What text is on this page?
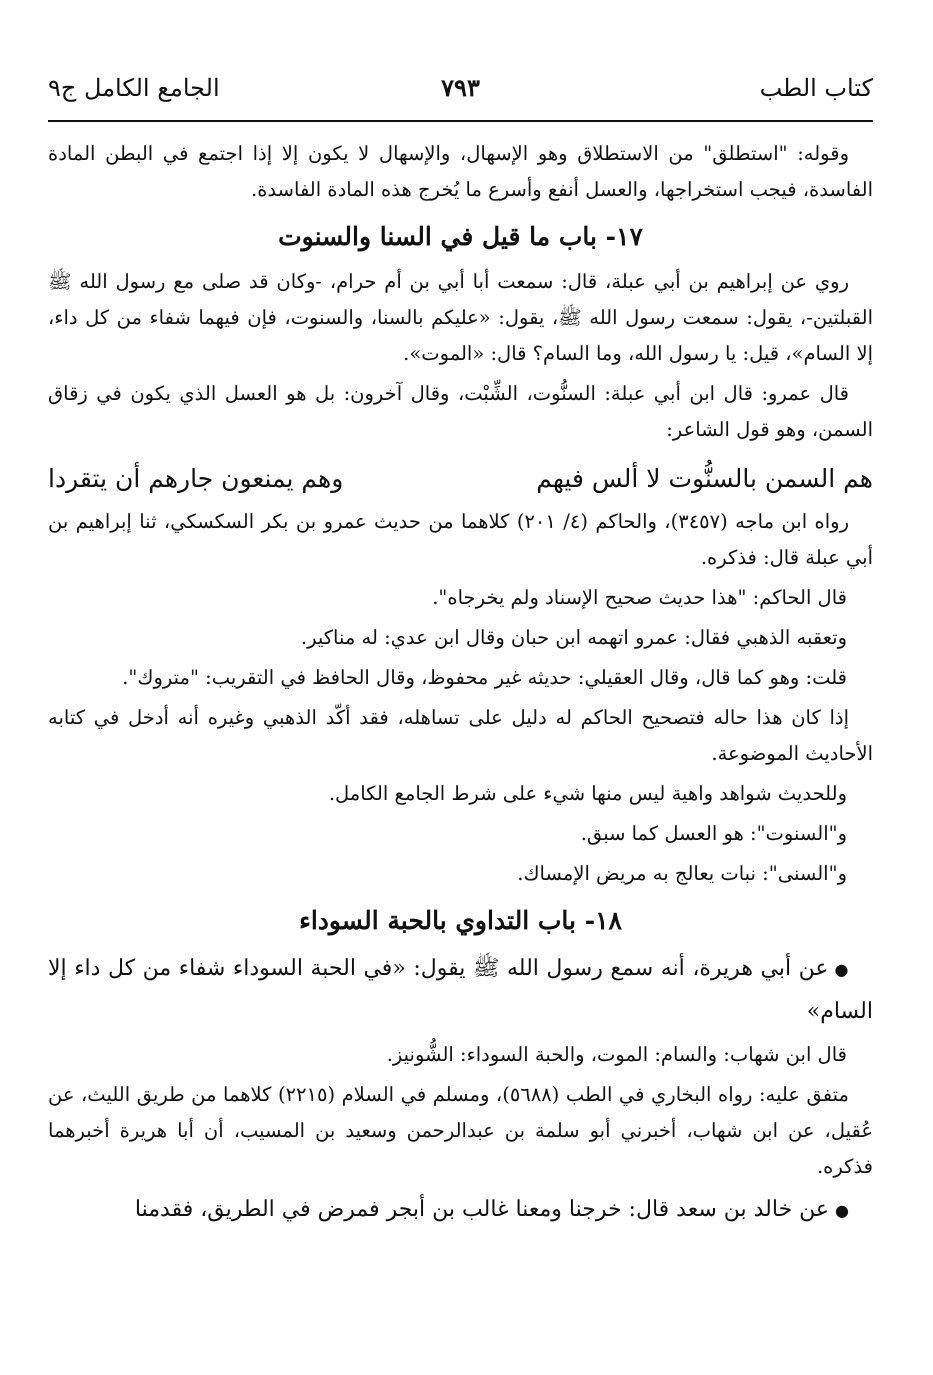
الجامع الكامل ج٩	٧٩٣	كتاب الطب

وقوله: "استطلق" من الاستطلاق وهو الإسهال، والإسهال لا يكون إلا إذا اجتمع في البطن المادة الفاسدة، فيجب استخراجها، والعسل أنفع وأسرع ما يُخرج هذه المادة الفاسدة.

١٧- باب ما قيل في السنا والسنوت

روي عن إبراهيم بن أبي عبلة، قال: سمعت أبا أبي بن أم حرام، -وكان قد صلى مع رسول الله ﷺ القبلتين-، يقول: سمعت رسول الله ﷺ، يقول: «عليكم بالسنا، والسنوت، فإن فيهما شفاء من كل داء، إلا السام»، قيل: يا رسول الله، وما السام؟ قال: «الموت».

قال عمرو: قال ابن أبي عبلة: السنُّوت، الشِّبْت، وقال آخرون: بل هو العسل الذي يكون في زقاق السمن، وهو قول الشاعر:

هم السمن بالسنُّوت لا ألس فيهم
وهم يمنعون جارهم أن يتقردا

رواه ابن ماجه (٣٤٥٧)، والحاكم (٤/ ٢٠١) كلاهما من حديث عمرو بن بكر السكسكي، ثنا إبراهيم بن أبي عبلة قال: فذكره.

قال الحاكم: "هذا حديث صحيح الإسناد ولم يخرجاه".

وتعقبه الذهبي فقال: عمرو اتهمه ابن حبان وقال ابن عدي: له مناكير.

قلت: وهو كما قال، وقال العقيلي: حديثه غير محفوظ، وقال الحافظ في التقريب: "متروك".

إذا كان هذا حاله فتصحيح الحاكم له دليل على تساهله، فقد أكّد الذهبي وغيره أنه أدخل في كتابه الأحاديث الموضوعة.

وللحديث شواهد واهية ليس منها شيء على شرط الجامع الكامل.

و"السنوت": هو العسل كما سبق.

و"السنى": نبات يعالج به مريض الإمساك.

١٨- باب التداوي بالحبة السوداء

●عن أبي هريرة، أنه سمع رسول الله ﷺ يقول: «في الحبة السوداء شفاء من كل داء إلا السام»

قال ابن شهاب: والسام: الموت، والحبة السوداء: الشُّونيز.

متفق عليه: رواه البخاري في الطب (٥٦٨٨)، ومسلم في السلام (٢٢١٥) كلاهما من طريق الليث، عن عُقيل، عن ابن شهاب، أخبرني أبو سلمة بن عبدالرحمن وسعيد بن المسيب، أن أبا هريرة أخبرهما فذكره.

●عن خالد بن سعد قال: خرجنا ومعنا غالب بن أبجر فمرض في الطريق، فقدمنا
